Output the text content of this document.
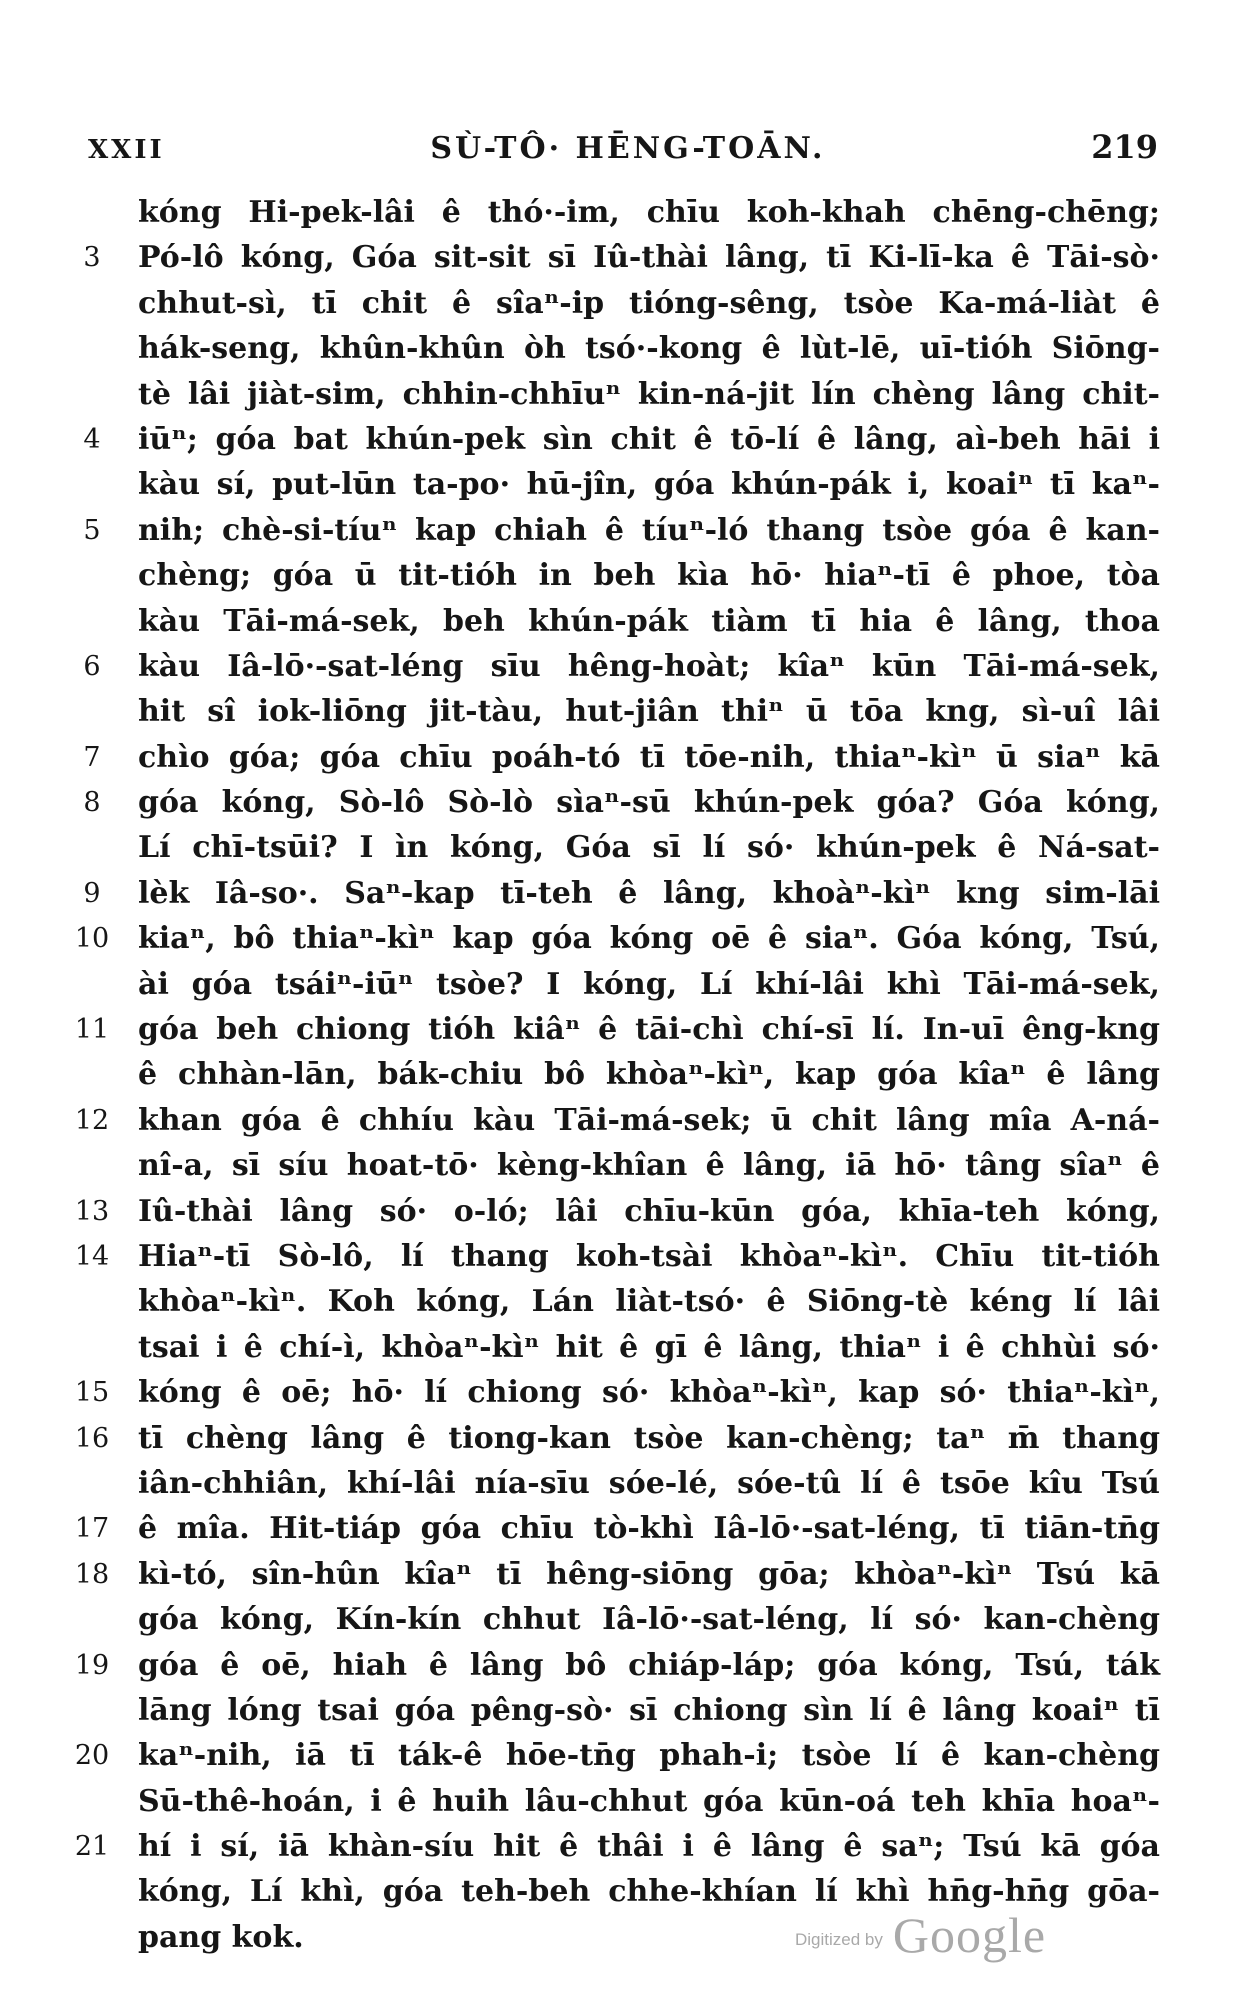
XXII	SÙ-TÔ· HĒNG-TOĀN.	219
kóng Hi-pek-lâi ê thó·-im, chīu koh-khah chēng-chēng;
3	Pó-lô kóng, Góa sit-sit sī Iû-thài lâng, tī Ki-lī-ka ê Tāi-sò·
chhut-sì, tī chit ê sîaⁿ-ip tióng-sêng, tsòe Ka-má-liàt ê
hák-seng, khûn-khûn òh tsó·-kong ê lùt-lē, uī-tióh Siōng-
tè lâi jiàt-sim, chhin-chhīuⁿ kin-ná-jit lín chèng lâng chit-
4	iūⁿ; góa bat khún-pek sìn chit ê tō-lí ê lâng, aì-beh hāi i
kàu sí, put-lūn ta-po· hū-jîn, góa khún-pák i, koaiⁿ tī kaⁿ-
5	nih; chè-si-tíuⁿ kap chiah ê tíuⁿ-ló thang tsòe góa ê kan-
chèng; góa ū tit-tióh in beh kìa hō· hiaⁿ-tī ê phoe, tòa
kàu Tāi-má-sek, beh khún-pák tiàm tī hia ê lâng, thoa
6	kàu Iâ-lō·-sat-léng sīu hêng-hoàt; kîaⁿ kūn Tāi-má-sek,
hit sî iok-liōng jit-tàu, hut-jiân thiⁿ ū tōa kng, sì-uî lâi
7	chìo góa; góa chīu poáh-tó tī tōe-nih, thiaⁿ-kìⁿ ū siaⁿ kā
8	góa kóng, Sò-lô Sò-lò sìaⁿ-sū khún-pek góa? Góa kóng,
Lí chī-tsūi? I ìn kóng, Góa sī lí só· khún-pek ê Ná-sat-
9	lèk Iâ-so·. Saⁿ-kap tī-teh ê lâng, khoàⁿ-kìⁿ kng sim-lāi
10 kiaⁿ, bô thiaⁿ-kìⁿ kap góa kóng oē ê siaⁿ. Góa kóng, Tsú,
ài góa tsáiⁿ-iūⁿ tsòe? I kóng, Lí khí-lâi khì Tāi-má-sek,
11 góa beh chiong tióh kiâⁿ ê tāi-chì chí-sī lí. In-uī êng-kng
ê chhàn-lān, bák-chiu bô khòaⁿ-kìⁿ, kap góa kîaⁿ ê lâng
12 khan góa ê chhíu kàu Tāi-má-sek; ū chit lâng mîa A-ná-
nî-a, sī síu hoat-tō· kèng-khîan ê lâng, iā hō· tâng sîaⁿ ê
13 Iû-thài lâng só· o-ló; lâi chīu-kūn góa, khīa-teh kóng,
14 Hiaⁿ-tī Sò-lô, lí thang koh-tsài khòaⁿ-kìⁿ. Chīu tit-tióh
khòaⁿ-kìⁿ. Koh kóng, Lán liàt-tsó· ê Siōng-tè kéng lí lâi
tsai i ê chí-ì, khòaⁿ-kìⁿ hit ê gī ê lâng, thiaⁿ i ê chhùi só·
15 kóng ê oē; hō· lí chiong só· khòaⁿ-kìⁿ, kap só· thiaⁿ-kìⁿ,
16 tī chèng lâng ê tiong-kan tsòe kan-chèng; taⁿ m̄ thang
iân-chhiân, khí-lâi nía-sīu sóe-lé, sóe-tû lí ê tsōe kîu Tsú
17 ê mîa. Hit-tiáp góa chīu tò-khì Iâ-lō·-sat-léng, tī tiān-tn̄g
18 kì-tó, sîn-hûn kîaⁿ tī hêng-siōng gōa; khòaⁿ-kìⁿ Tsú kā
góa kóng, Kín-kín chhut Iâ-lō·-sat-léng, lí só· kan-chèng
19 góa ê oē, hiah ê lâng bô chiáp-láp; góa kóng, Tsú, ták
lāng lóng tsai góa pêng-sò· sī chiong sìn lí ê lâng koaiⁿ tī
20 kaⁿ-nih, iā tī ták-ê hōe-tn̄g phah-i; tsòe lí ê kan-chèng
Sū-thê-hoán, i ê huih lâu-chhut góa kūn-oá teh khīa hoaⁿ-
21 hí i sí, iā khàn-síu hit ê thâi i ê lâng ê saⁿ; Tsú kā góa
kóng, Lí khì, góa teh-beh chhe-khían lí khì hn̄g-hn̄g gōa-
pang kok.	Digitized by Google
